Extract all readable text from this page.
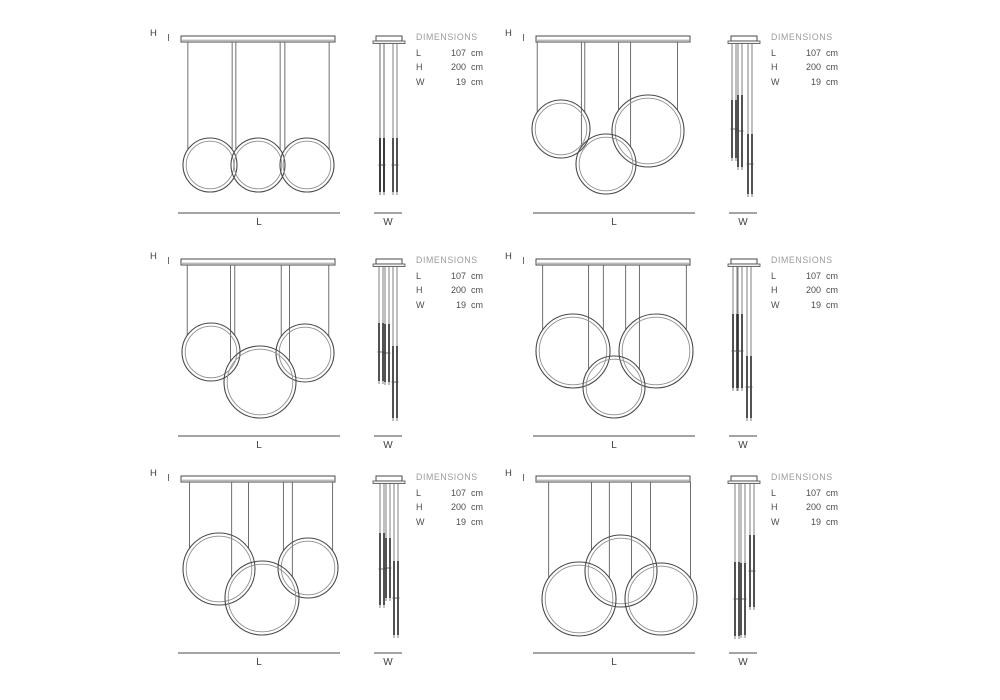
H
L	W
DIMENSIONS
L	107 cm
H	200 cm
W	19 cm
H
L	W
DIMENSIONS
L	107 cm
H	200 cm
W	19 cm
H
L	W
DIMENSIONS
L	107 cm
H	200 cm
W	19 cm
H
L	W
DIMENSIONS
L	107 cm
H	200 cm
W	19 cm
H
L	W
DIMENSIONS
L	107 cm
H	200 cm
W	19 cm
H
L	W
DIMENSIONS
L	107 cm
H	200 cm
W	19 cm
